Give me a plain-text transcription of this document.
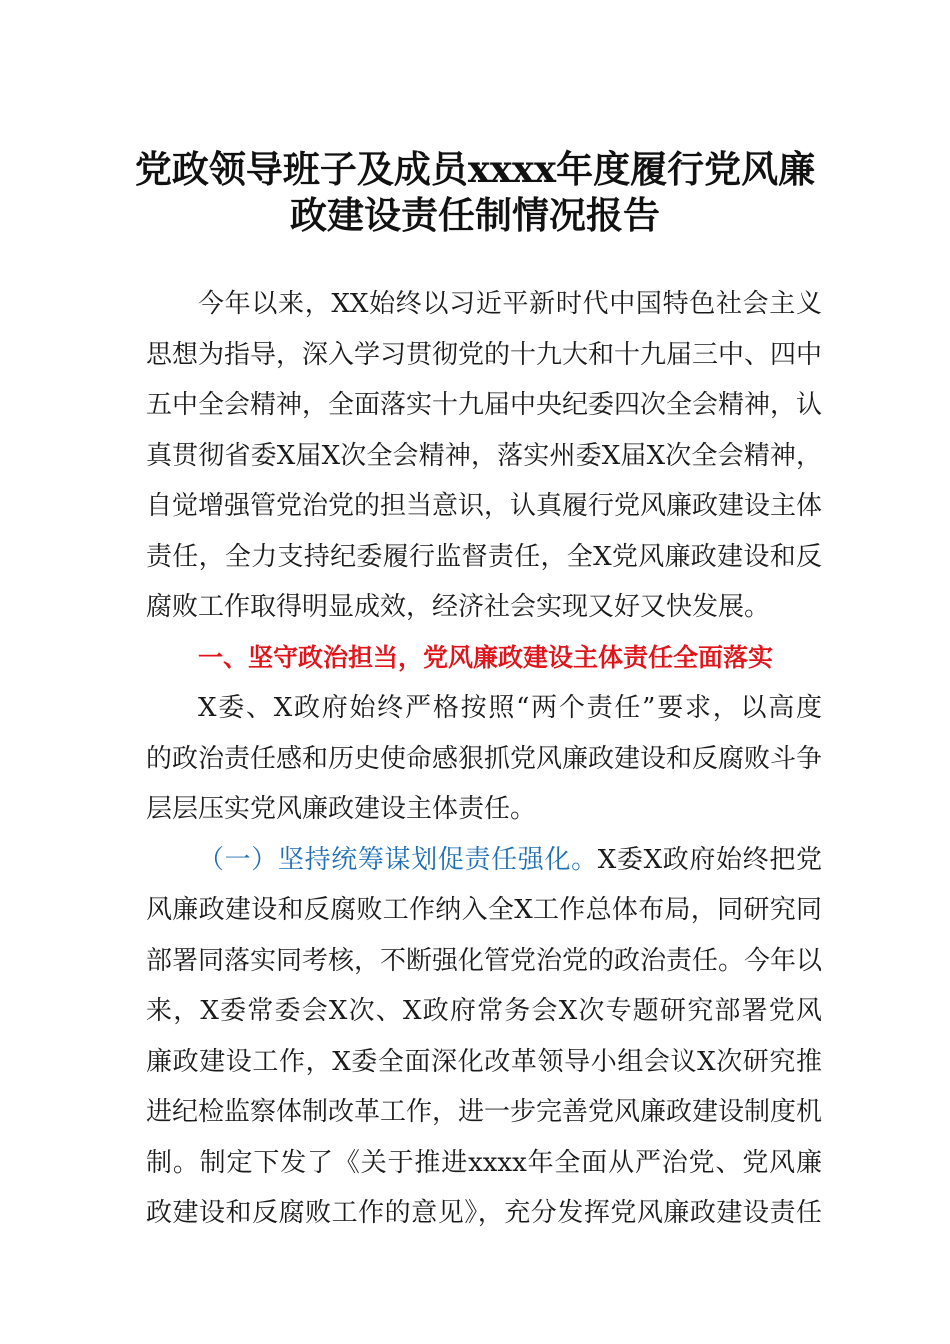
党政领导班子及成员xxxx年度履行党风廉
政建设责任制情况报告
今年以来，XX始终以习近平新时代中国特色社会主义
思想为指导，深入学习贯彻党的十九大和十九届三中、四中
五中全会精神，全面落实十九届中央纪委四次全会精神，认
真贯彻省委X届X次全会精神，落实州委X届X次全会精神，
自觉增强管党治党的担当意识，认真履行党风廉政建设主体
责任，全力支持纪委履行监督责任，全X党风廉政建设和反
腐败工作取得明显成效，经济社会实现又好又快发展。
一、坚守政治担当，党风廉政建设主体责任全面落实
X委、X政府始终严格按照“两个责任”要求，以高度
的政治责任感和历史使命感狠抓党风廉政建设和反腐败斗争
层层压实党风廉政建设主体责任。
（一）坚持统筹谋划促责任强化。X委X政府始终把党
风廉政建设和反腐败工作纳入全X工作总体布局，同研究同
部署同落实同考核，不断强化管党治党的政治责任。今年以
来，X委常委会X次、X政府常务会X次专题研究部署党风
廉政建设工作，X委全面深化改革领导小组会议X次研究推
进纪检监察体制改革工作，进一步完善党风廉政建设制度机
制。制定下发了《关于推进xxxx年全面从严治党、党风廉
政建设和反腐败工作的意见》，充分发挥党风廉政建设责任
